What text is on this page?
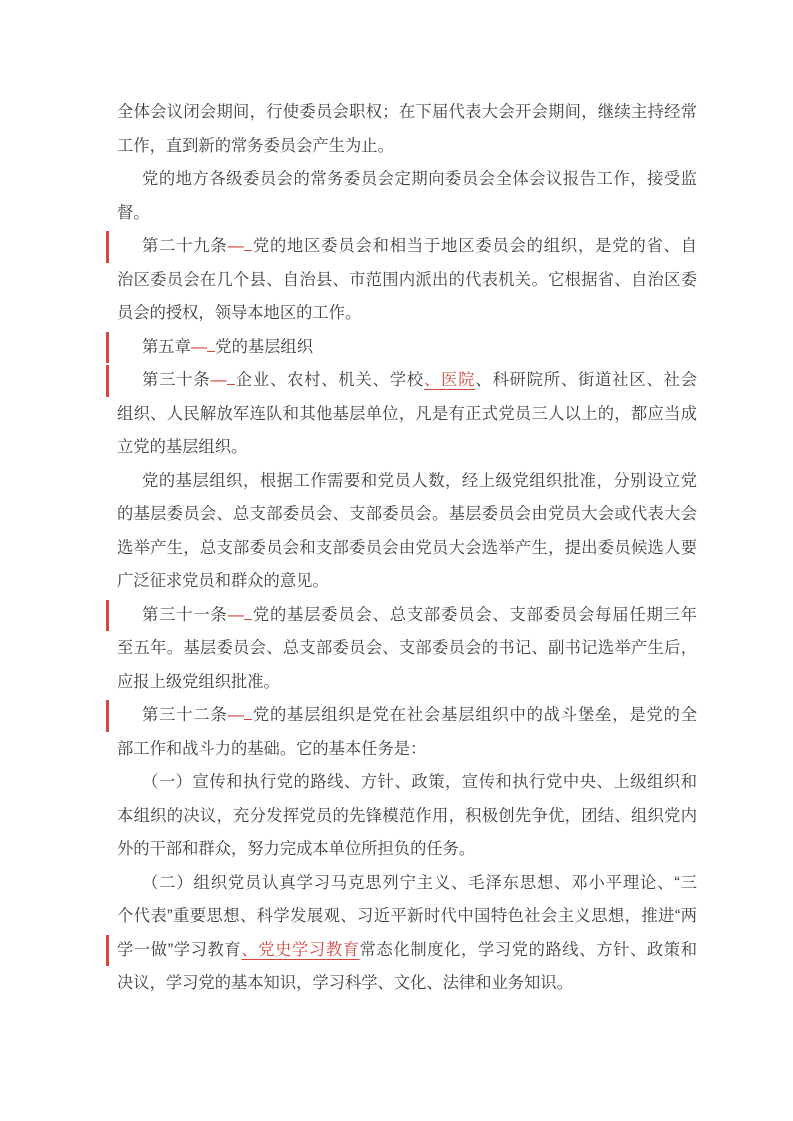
全体会议闭会期间，行使委员会职权；在下届代表大会开会期间，继续主持经常
工作，直到新的常务委员会产生为止。
党的地方各级委员会的常务委员会定期向委员会全体会议报告工作，接受监
督。
第二十九条— 党的地区委员会和相当于地区委员会的组织，是党的省、自
治区委员会在几个县、自治县、市范围内派出的代表机关。它根据省、自治区委
员会的授权，领导本地区的工作。
第五章— 党的基层组织
第三十条— 企业、农村、机关、学校、医院、科研院所、街道社区、社会
组织、人民解放军连队和其他基层单位，凡是有正式党员三人以上的，都应当成
立党的基层组织。
党的基层组织，根据工作需要和党员人数，经上级党组织批准，分别设立党
的基层委员会、总支部委员会、支部委员会。基层委员会由党员大会或代表大会
选举产生，总支部委员会和支部委员会由党员大会选举产生，提出委员候选人要
广泛征求党员和群众的意见。
第三十一条— 党的基层委员会、总支部委员会、支部委员会每届任期三年
至五年。基层委员会、总支部委员会、支部委员会的书记、副书记选举产生后，
应报上级党组织批准。
第三十二条— 党的基层组织是党在社会基层组织中的战斗堡垒，是党的全
部工作和战斗力的基础。它的基本任务是：
（一）宣传和执行党的路线、方针、政策，宣传和执行党中央、上级组织和
本组织的决议，充分发挥党员的先锋模范作用，积极创先争优，团结、组织党内
外的干部和群众，努力完成本单位所担负的任务。
（二）组织党员认真学习马克思列宁主义、毛泽东思想、邓小平理论、“三
个代表”重要思想、科学发展观、习近平新时代中国特色社会主义思想，推进“两
学一做”学习教育、党史学习教育常态化制度化，学习党的路线、方针、政策和
决议，学习党的基本知识，学习科学、文化、法律和业务知识。
